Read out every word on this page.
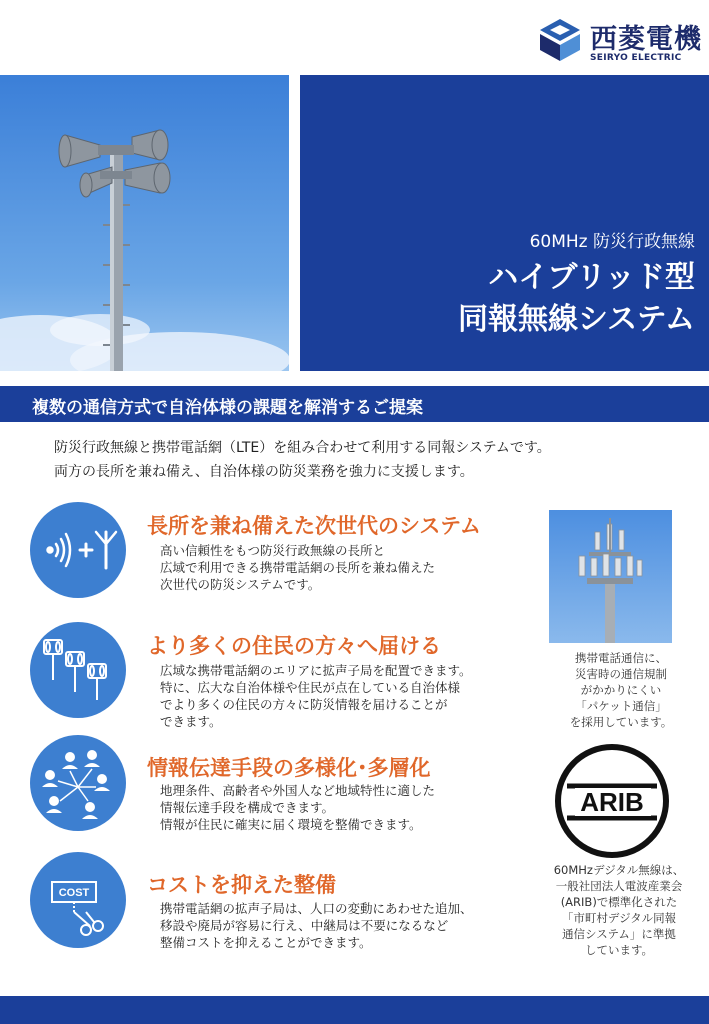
西菱電機
SEIRYO ELECTRIC
60MHz 防災行政無線
ハイブリッド型
同報無線システム
複数の通信方式で自治体様の課題を解消するご提案
防災行政無線と携帯電話網（LTE）を組み合わせて利用する同報システムです。
両方の長所を兼ね備え、自治体様の防災業務を強力に支援します。
長所を兼ね備えた次世代のシステム
高い信頼性をもつ防災行政無線の長所と
広域で利用できる携帯電話網の長所を兼ね備えた
次世代の防災システムです。
より多くの住民の方々へ届ける
広域な携帯電話網のエリアに拡声子局を配置できます。
特に、広大な自治体様や住民が点在している自治体様
でより多くの住民の方々に防災情報を届けることが
できます。
情報伝達手段の多様化･多層化
地理条件、高齢者や外国人など地域特性に適した
情報伝達手段を構成できます。
情報が住民に確実に届く環境を整備できます。
COST	コストを抑えた整備
携帯電話網の拡声子局は、人口の変動にあわせた追加、
移設や廃局が容易に行え、中継局は不要になるなど
整備コストを抑えることができます。
携帯電話通信に、
災害時の通信規制
がかかりにくい
「パケット通信」
を採用しています。
ARIB
60MHzデジタル無線は、
一般社団法人電波産業会
(ARIB)で標準化された
「市町村デジタル同報
通信システム」に準拠
しています。
